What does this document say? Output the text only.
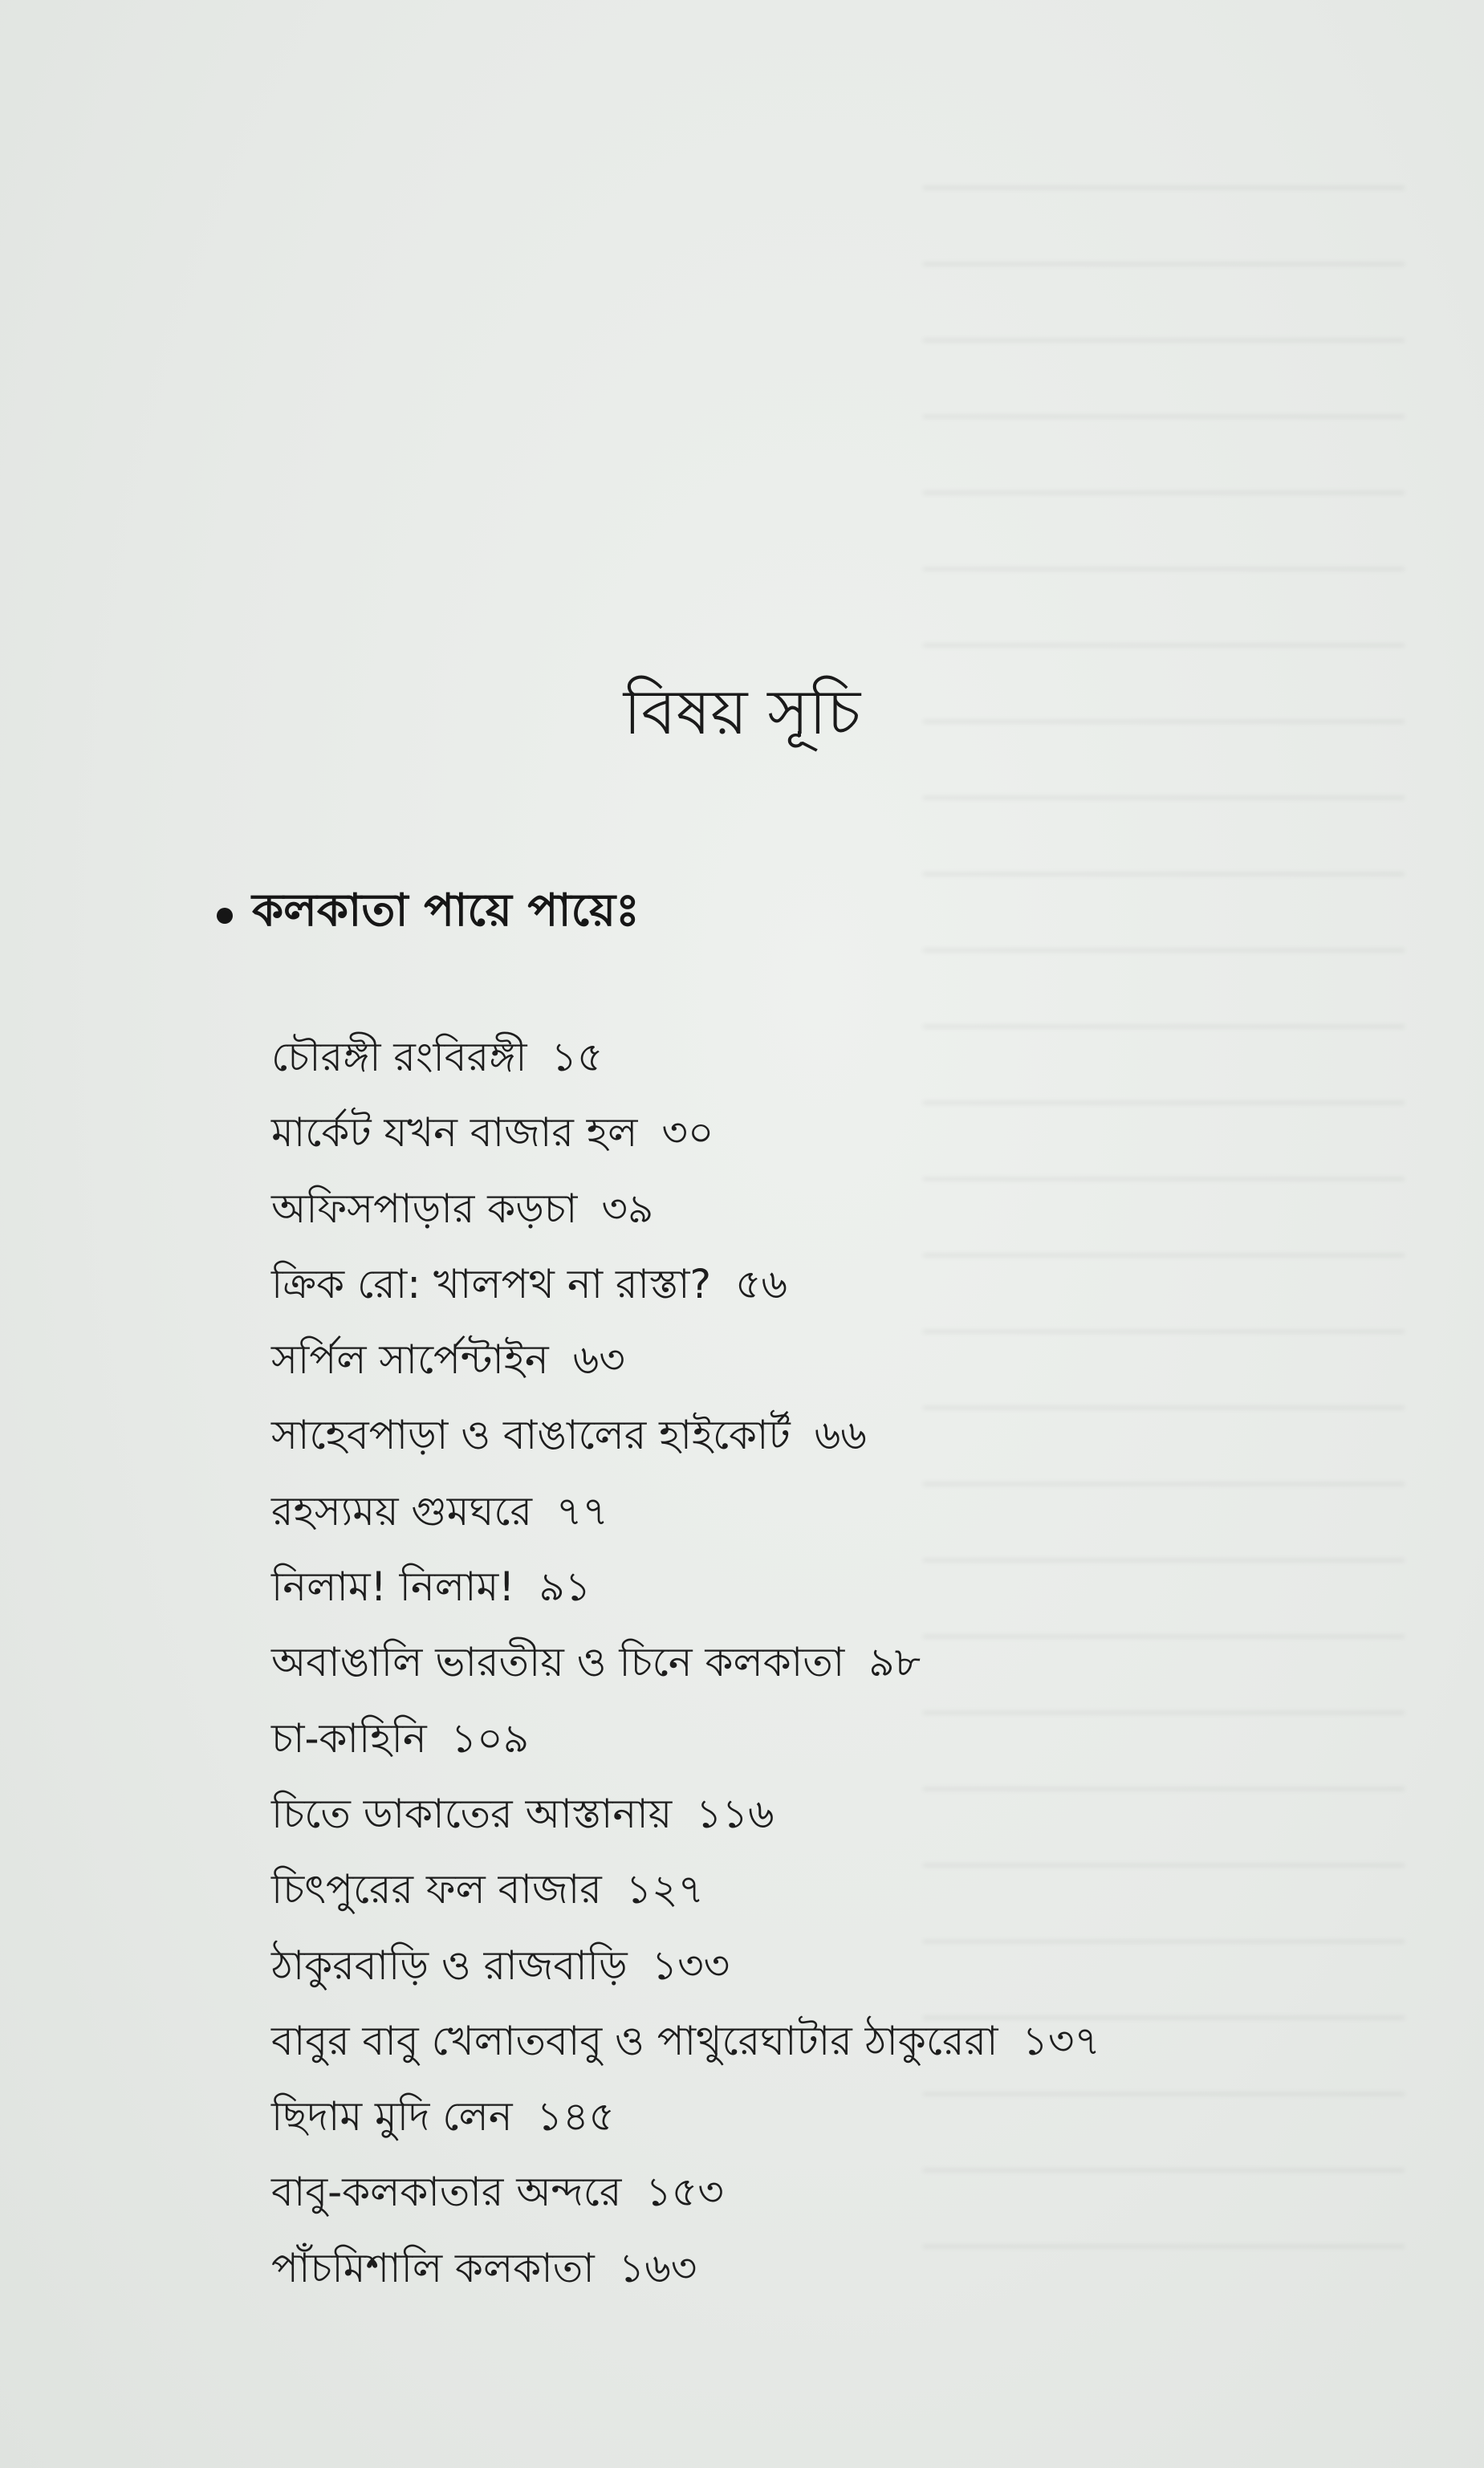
বিষয় সূচি
কলকাতা পায়ে পায়েঃ
চৌরঙ্গী রংবিরঙ্গী ১৫
মার্কেট যখন বাজার হল ৩০
অফিসপাড়ার কড়চা ৩৯
ক্রিক রো: খালপথ না রাস্তা? ৫৬
সর্পিল সার্পেন্টাইন ৬৩
সাহেবপাড়া ও বাঙালের হাইকোর্ট ৬৬
রহস্যময় গুমঘরে ৭৭
নিলাম! নিলাম! ৯১
অবাঙালি ভারতীয় ও চিনে কলকাতা ৯৮
চা-কাহিনি ১০৯
চিতে ডাকাতের আস্তানায় ১১৬
চিৎপুরের ফল বাজার ১২৭
ঠাকুরবাড়ি ও রাজবাড়ি ১৩৩
বাবুর বাবু খেলাতবাবু ও পাথুরেঘাটার ঠাকুরেরা ১৩৭
ছিদাম মুদি লেন ১৪৫
বাবু-কলকাতার অন্দরে ১৫৩
পাঁচমিশালি কলকাতা ১৬৩
